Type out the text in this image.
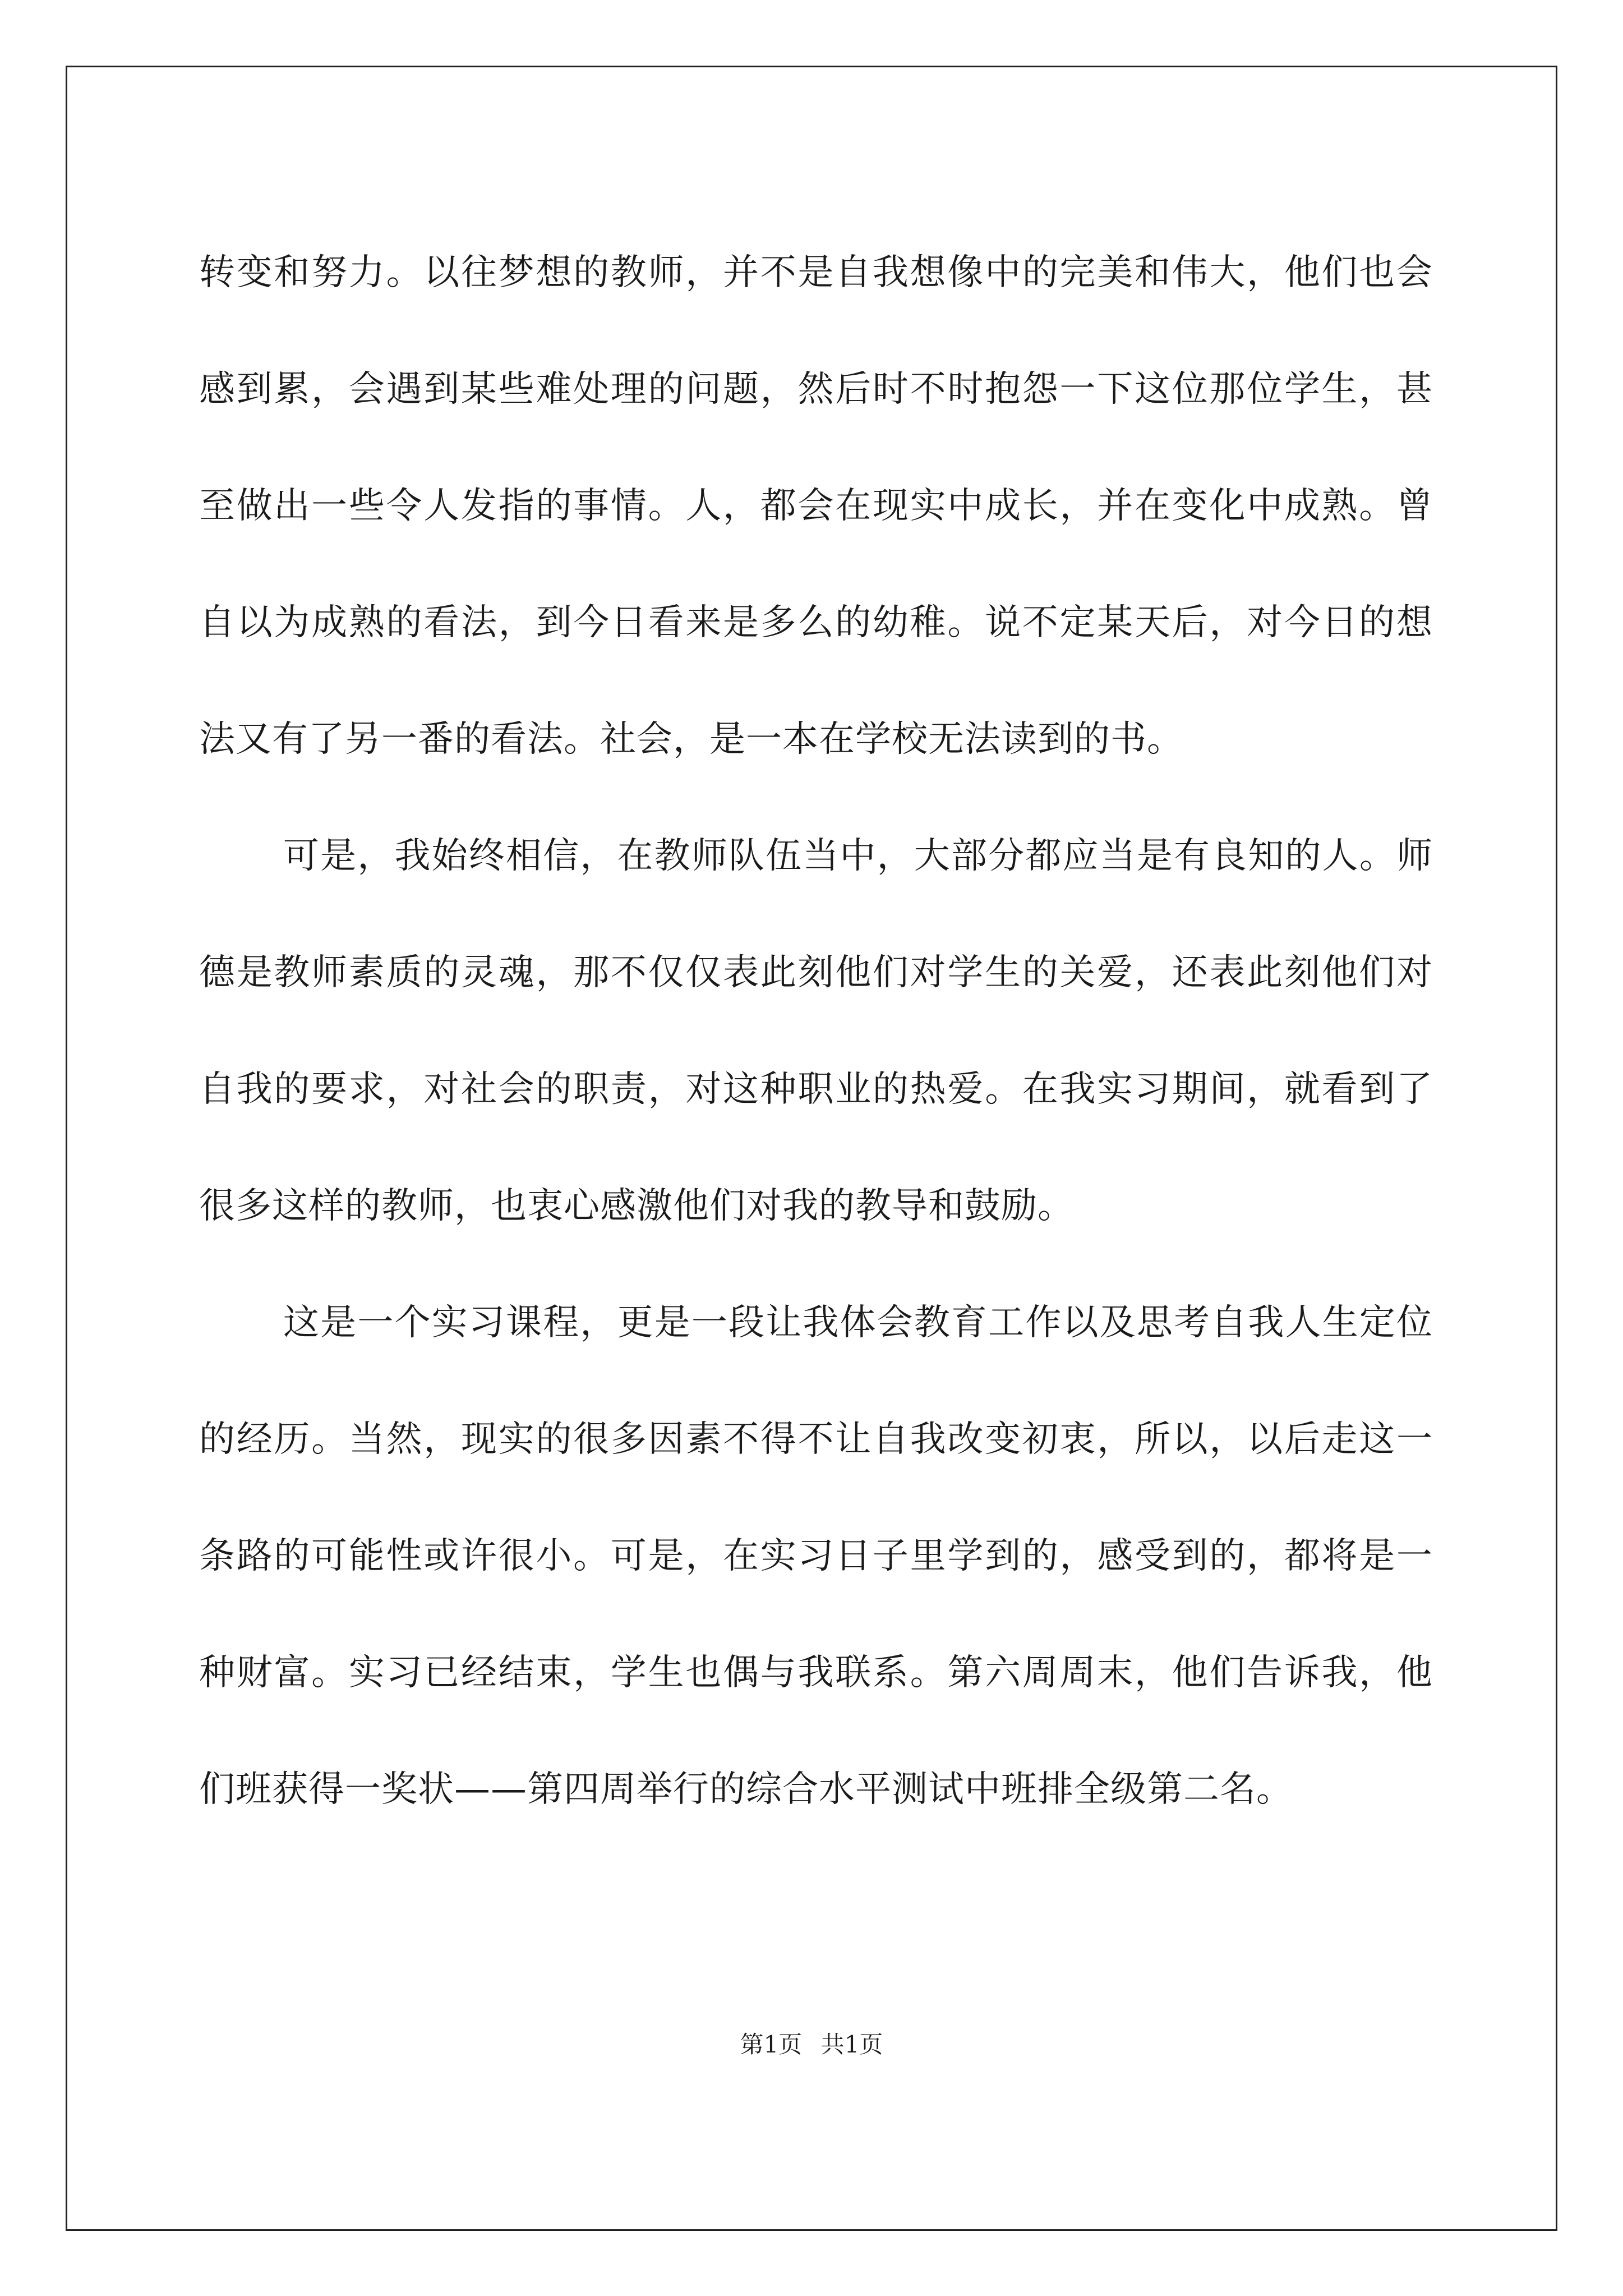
转变和努力。以往梦想的教师，并不是自我想像中的完美和伟大，他们也会感到累，会遇到某些难处理的问题，然后时不时抱怨一下这位那位学生，甚至做出一些令人发指的事情。人，都会在现实中成长，并在变化中成熟。曾自以为成熟的看法，到今日看来是多么的幼稚。说不定某天后，对今日的想法又有了另一番的看法。社会，是一本在学校无法读到的书。

可是，我始终相信，在教师队伍当中，大部分都应当是有良知的人。师德是教师素质的灵魂，那不仅仅表此刻他们对学生的关爱，还表此刻他们对自我的要求，对社会的职责，对这种职业的热爱。在我实习期间，就看到了很多这样的教师，也衷心感激他们对我的教导和鼓励。

这是一个实习课程，更是一段让我体会教育工作以及思考自我人生定位的经历。当然，现实的很多因素不得不让自我改变初衷，所以，以后走这一条路的可能性或许很小。可是，在实习日子里学到的，感受到的，都将是一种财富。实习已经结束，学生也偶与我联系。第六周周末，他们告诉我，他们班获得一奖状——第四周举行的综合水平测试中班排全级第二名。

第1页 共1页
